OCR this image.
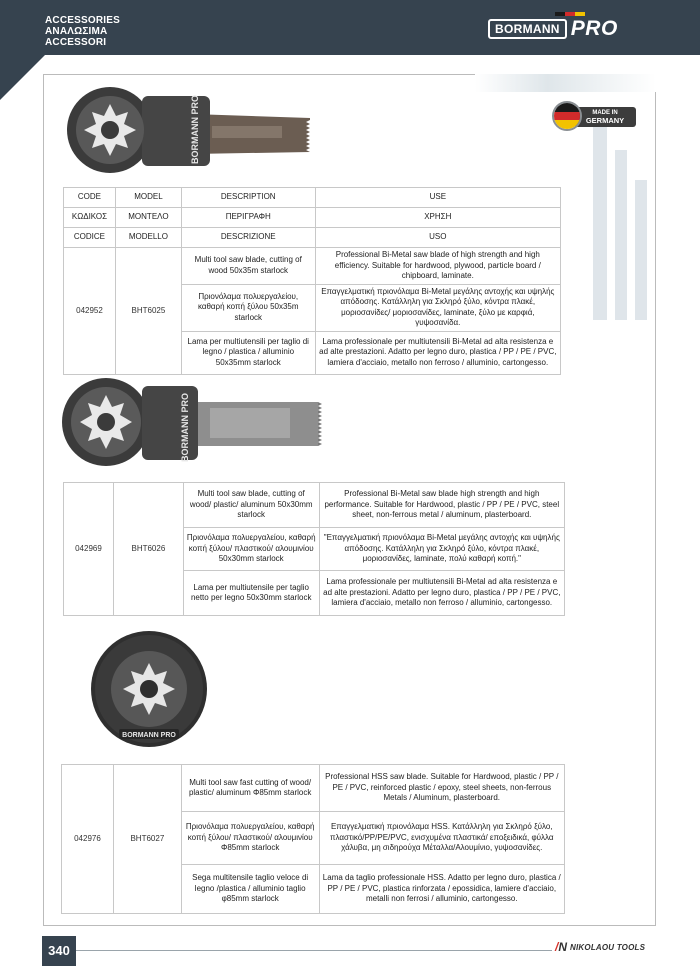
ACCESSORIES
ΑΝΑΛΩΣΙΜΑ
ACCESSORI
BORMANN PRO
MADE IN
GERMANY
BORMANN PRO
CODE	MODEL	DESCRIPTION	USE
ΚΩΔΙΚΟΣ	ΜΟΝΤΕΛΟ	ΠΕΡΙΓΡΑΦΗ	ΧΡΗΣΗ
CODICE	MODELLO	DESCRIZIONE	USO
042952	BHT6025	Multi tool saw blade, cutting of wood 50x35m starlock	Professional Bi-Metal saw blade of high strength and high efficiency. Suitable for hardwood, plywood, particle board / chipboard, laminate.
		Πριονόλαμα πολυεργαλείου, καθαρή κοπή ξύλου 50x35m starlock	Επαγγελματική πριονόλαμα Bi-Metal μεγάλης αντοχής και υψηλής απόδοσης. Κατάλληλη για Σκληρό ξύλο, κόντρα πλακέ, μοριοσανίδες/ μοριοσανίδες, laminate, ξύλο με καρφιά, γυψοσανίδα.
		Lama per multiutensili per taglio di legno / plastica / alluminio 50x35mm starlock	Lama professionale per multiutensili Bi-Metal ad alta resistenza e ad alte prestazioni. Adatto per legno duro, plastica / PP / PE / PVC, lamiera d'acciaio, metallo non ferroso / alluminio, cartongesso.
BORMANN PRO
042969	BHT6026	Multi tool saw blade, cutting of wood/ plastic/ aluminum 50x30mm starlock	Professional Bi-Metal saw blade high strength and high performance. Suitable for Hardwood, plastic / PP / PE / PVC, steel sheet, non-ferrous metal / aluminum, plasterboard.
		Πριονόλαμα πολυεργαλείου, καθαρή κοπή ξύλου/ πλαστικού/ αλουμινίου 50x30mm starlock	"Επαγγελματική πριονόλαμα Bi-Metal μεγάλης αντοχής και υψηλής απόδοσης. Κατάλληλη για Σκληρό ξύλο, κόντρα πλακέ, μοριοσανίδες, laminate, πολύ καθαρή κοπή."
		Lama per multiutensile per taglio netto per legno 50x30mm starlock	Lama professionale per multiutensili Bi-Metal ad alta resistenza e ad alte prestazioni. Adatto per legno duro, plastica / PP / PE / PVC, lamiera d'acciaio, metallo non ferroso / alluminio, cartongesso.
BORMANN PRO
042976	BHT6027	Multi tool saw fast cutting of wood/ plastic/ aluminum Φ85mm starlock	Professional HSS saw blade. Suitable for Hardwood, plastic / PP / PE / PVC, reinforced plastic / epoxy, steel sheets, non-ferrous Metals / Aluminum, plasterboard.
		Πριονόλαμα πολυεργαλείου, καθαρή κοπή ξύλου/ πλαστικού/ αλουμινίου Φ85mm starlock	Επαγγελματική πριονόλαμα HSS. Κατάλληλη για Σκληρό ξύλο, πλαστικό/PP/PE/PVC, ενισχυμένα πλαστικά/ εποξειδικά, φύλλα χάλυβα, μη σιδηρούχα Μέταλλα/Αλουμίνιο, γυψοσανίδες.
		Sega multitensile taglio veloce di legno /plastica / alluminio taglio φ85mm starlock	Lama da taglio professionale HSS. Adatto per legno duro, plastica / PP / PE / PVC, plastica rinforzata / epossidica, lamiere d'acciaio, metalli non ferrosi / alluminio, cartongesso.
340	/N NIKOLAOU TOOLS
